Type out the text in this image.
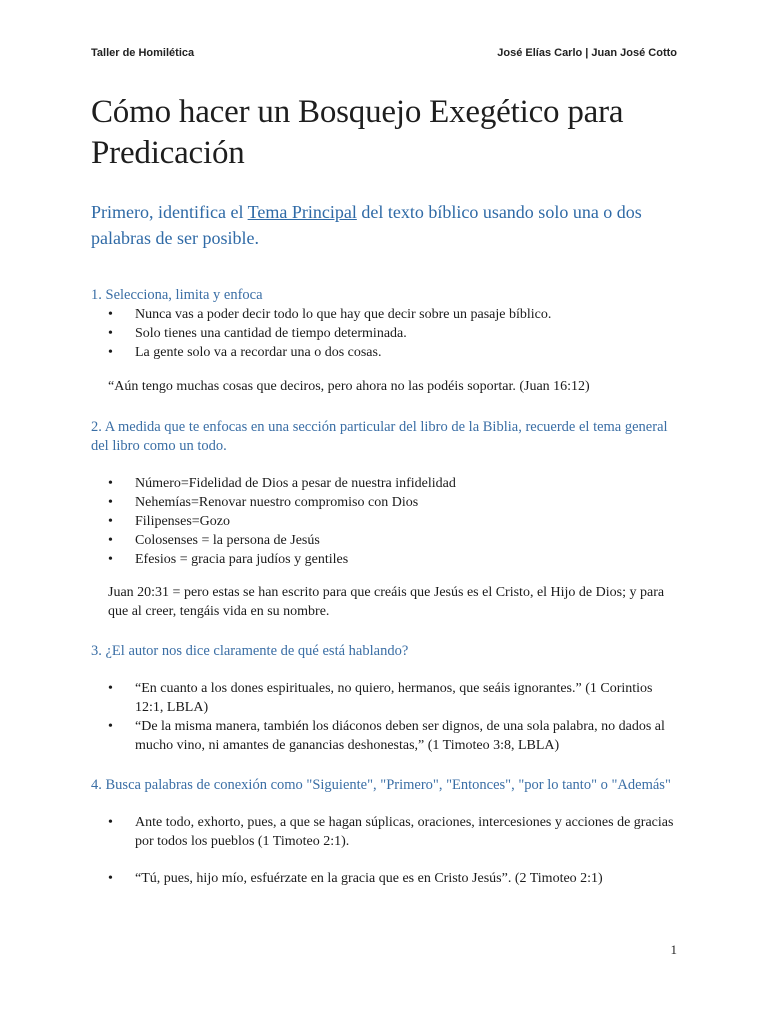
Taller de Homilética	José Elías Carlo | Juan José Cotto
Cómo hacer un Bosquejo Exegético para
Predicación

Primero, identifica el Tema Principal del texto bíblico usando solo una o dos palabras de ser posible.

1. Selecciona, limita y enfoca

• Nunca vas a poder decir todo lo que hay que decir sobre un pasaje bíblico.
• Solo tienes una cantidad de tiempo determinada.
• La gente solo va a recordar una o dos cosas.

“Aún tengo muchas cosas que deciros, pero ahora no las podéis soportar. (Juan 16:12)

2. A medida que te enfocas en una sección particular del libro de la Biblia, recuerde el tema general del libro como un todo.

• Número=Fidelidad de Dios a pesar de nuestra infidelidad
• Nehemías=Renovar nuestro compromiso con Dios
• Filipenses=Gozo
• Colosenses = la persona de Jesús
• Efesios = gracia para judíos y gentiles

Juan 20:31 = pero estas se han escrito para que creáis que Jesús es el Cristo, el Hijo de Dios; y para que al creer, tengáis vida en su nombre.

3. ¿El autor nos dice claramente de qué está hablando?

• “En cuanto a los dones espirituales, no quiero, hermanos, que seáis ignorantes.” (1 Corintios 12:1, LBLA)
• “De la misma manera, también los diáconos deben ser dignos, de una sola palabra, no dados al mucho vino, ni amantes de ganancias deshonestas,” (1 Timoteo 3:8, LBLA)

4. Busca palabras de conexión como "Siguiente", "Primero", "Entonces", "por lo tanto" o "Además"

• Ante todo, exhorto, pues, a que se hagan súplicas, oraciones, intercesiones y acciones de gracias por todos los pueblos (1 Timoteo 2:1).
• “Tú, pues, hijo mío, esfuérzate en la gracia que es en Cristo Jesús”. (2 Timoteo 2:1)
1
